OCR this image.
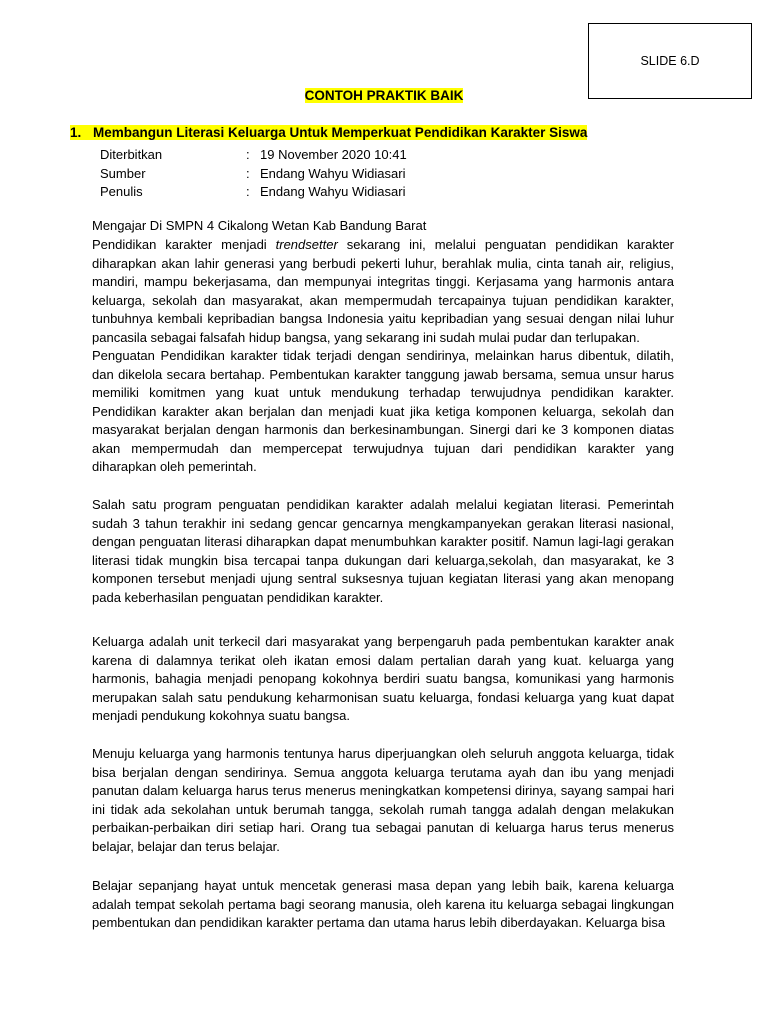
SLIDE 6.D
CONTOH PRAKTIK BAIK
1. Membangun Literasi Keluarga Untuk Memperkuat Pendidikan Karakter Siswa
Diterbitkan	: 19 November 2020 10:41
Sumber	: Endang Wahyu Widiasari
Penulis	: Endang Wahyu Widiasari
Mengajar Di SMPN 4 Cikalong Wetan Kab Bandung Barat

Pendidikan karakter menjadi trendsetter sekarang ini, melalui penguatan pendidikan karakter diharapkan akan lahir generasi yang berbudi pekerti luhur, berahlak mulia, cinta tanah air, religius, mandiri, mampu bekerjasama, dan mempunyai integritas tinggi. Kerjasama yang harmonis antara keluarga, sekolah dan masyarakat, akan mempermudah tercapainya tujuan pendidikan karakter, tunbuhnya kembali kepribadian bangsa Indonesia yaitu kepribadian yang sesuai dengan nilai luhur pancasila sebagai falsafah hidup bangsa, yang sekarang ini sudah mulai pudar dan terlupakan.

Penguatan Pendidikan karakter tidak terjadi dengan sendirinya, melainkan harus dibentuk, dilatih, dan dikelola secara bertahap. Pembentukan karakter tanggung jawab bersama, semua unsur harus memiliki komitmen yang kuat untuk mendukung terhadap terwujudnya pendidikan karakter. Pendidikan karakter akan berjalan dan menjadi kuat jika ketiga komponen keluarga, sekolah dan masyarakat berjalan dengan harmonis dan berkesinambungan. Sinergi dari ke 3 komponen diatas akan mempermudah dan mempercepat terwujudnya tujuan dari pendidikan karakter yang diharapkan oleh pemerintah.

Salah satu program penguatan pendidikan karakter adalah melalui kegiatan literasi. Pemerintah sudah 3 tahun terakhir ini sedang gencar gencarnya mengkampanyekan gerakan literasi nasional, dengan penguatan literasi diharapkan dapat menumbuhkan karakter positif. Namun lagi-lagi gerakan literasi tidak mungkin bisa tercapai tanpa dukungan dari keluarga,sekolah, dan masyarakat, ke 3 komponen tersebut menjadi ujung sentral suksesnya tujuan kegiatan literasi yang akan menopang pada keberhasilan penguatan pendidikan karakter.

Keluarga adalah unit terkecil dari masyarakat yang berpengaruh pada pembentukan karakter anak karena di dalamnya terikat oleh ikatan emosi dalam pertalian darah yang kuat. keluarga yang harmonis, bahagia menjadi penopang kokohnya berdiri suatu bangsa, komunikasi yang harmonis merupakan salah satu pendukung keharmonisan suatu keluarga, fondasi keluarga yang kuat dapat menjadi pendukung kokohnya suatu bangsa.

Menuju keluarga yang harmonis tentunya harus diperjuangkan oleh seluruh anggota keluarga, tidak bisa berjalan dengan sendirinya. Semua anggota keluarga terutama ayah dan ibu yang menjadi panutan dalam keluarga harus terus menerus meningkatkan kompetensi dirinya, sayang sampai hari ini tidak ada sekolahan untuk berumah tangga, sekolah rumah tangga adalah dengan melakukan perbaikan-perbaikan diri setiap hari. Orang tua sebagai panutan di keluarga harus terus menerus belajar, belajar dan terus belajar.

Belajar sepanjang hayat untuk mencetak generasi masa depan yang lebih baik, karena keluarga adalah tempat sekolah pertama bagi seorang manusia, oleh karena itu keluarga sebagai lingkungan pembentukan dan pendidikan karakter pertama dan utama harus lebih diberdayakan. Keluarga bisa
